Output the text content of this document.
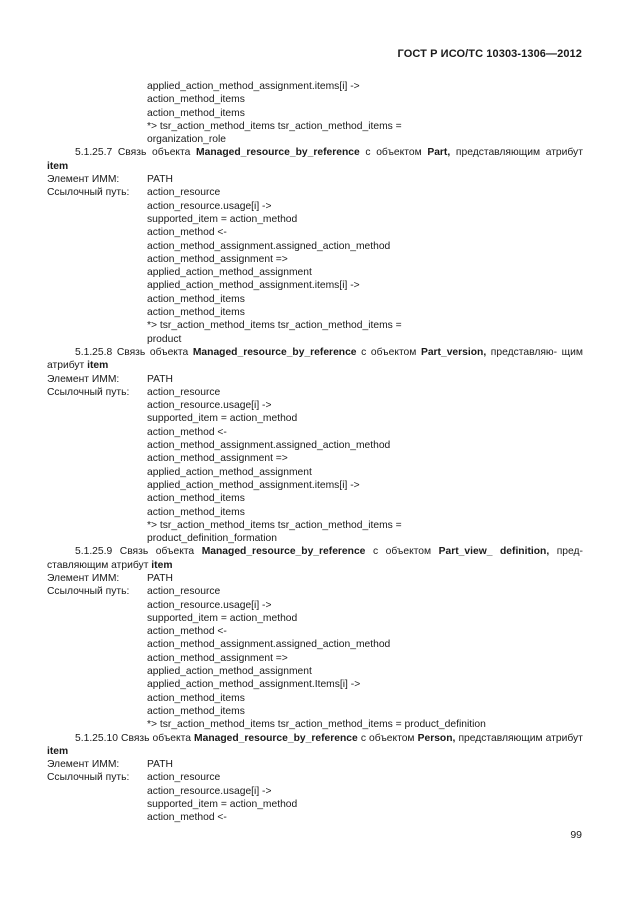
ГОСТ Р ИСО/ТС 10303-1306—2012
applied_action_method_assignment.items[i] ->
action_method_items
action_method_items
*> tsr_action_method_items tsr_action_method_items =
organization_role
5.1.25.7 Связь объекта Managed_resource_by_reference с объектом Part, представляющим атрибут item
Элемент ИММ:	PATH
Ссылочный путь:	action_resource
action_resource.usage[i] ->
supported_item = action_method
action_method <-
action_method_assignment.assigned_action_method
action_method_assignment =>
applied_action_method_assignment
applied_action_method_assignment.items[i] ->
action_method_items
action_method_items
*> tsr_action_method_items tsr_action_method_items =
product
5.1.25.8 Связь объекта Managed_resource_by_reference с объектом Part_version, представляю- щим атрибут item
Элемент ИММ:	PATH
Ссылочный путь:	action_resource
action_resource.usage[i] ->
supported_item = action_method
action_method <-
action_method_assignment.assigned_action_method
action_method_assignment =>
applied_action_method_assignment
applied_action_method_assignment.items[i] ->
action_method_items
action_method_items
*> tsr_action_method_items tsr_action_method_items =
product_definition_formation
5.1.25.9 Связь объекта Managed_resource_by_reference с объектом Part_view_ definition, пред- ставляющим атрибут item
Элемент ИММ:	PATH
Ссылочный путь:	action_resource
action_resource.usage[i] ->
supported_item = action_method
action_method <-
action_method_assignment.assigned_action_method
action_method_assignment =>
applied_action_method_assignment
applied_action_method_assignment.Items[i] ->
action_method_items
action_method_items
*> tsr_action_method_items tsr_action_method_items = product_definition
5.1.25.10 Связь объекта Managed_resource_by_reference с объектом Person, представляющим атрибут item
Элемент ИММ:	PATH
Ссылочный путь:	action_resource
action_resource.usage[i] ->
supported_item = action_method
action_method <-
99
